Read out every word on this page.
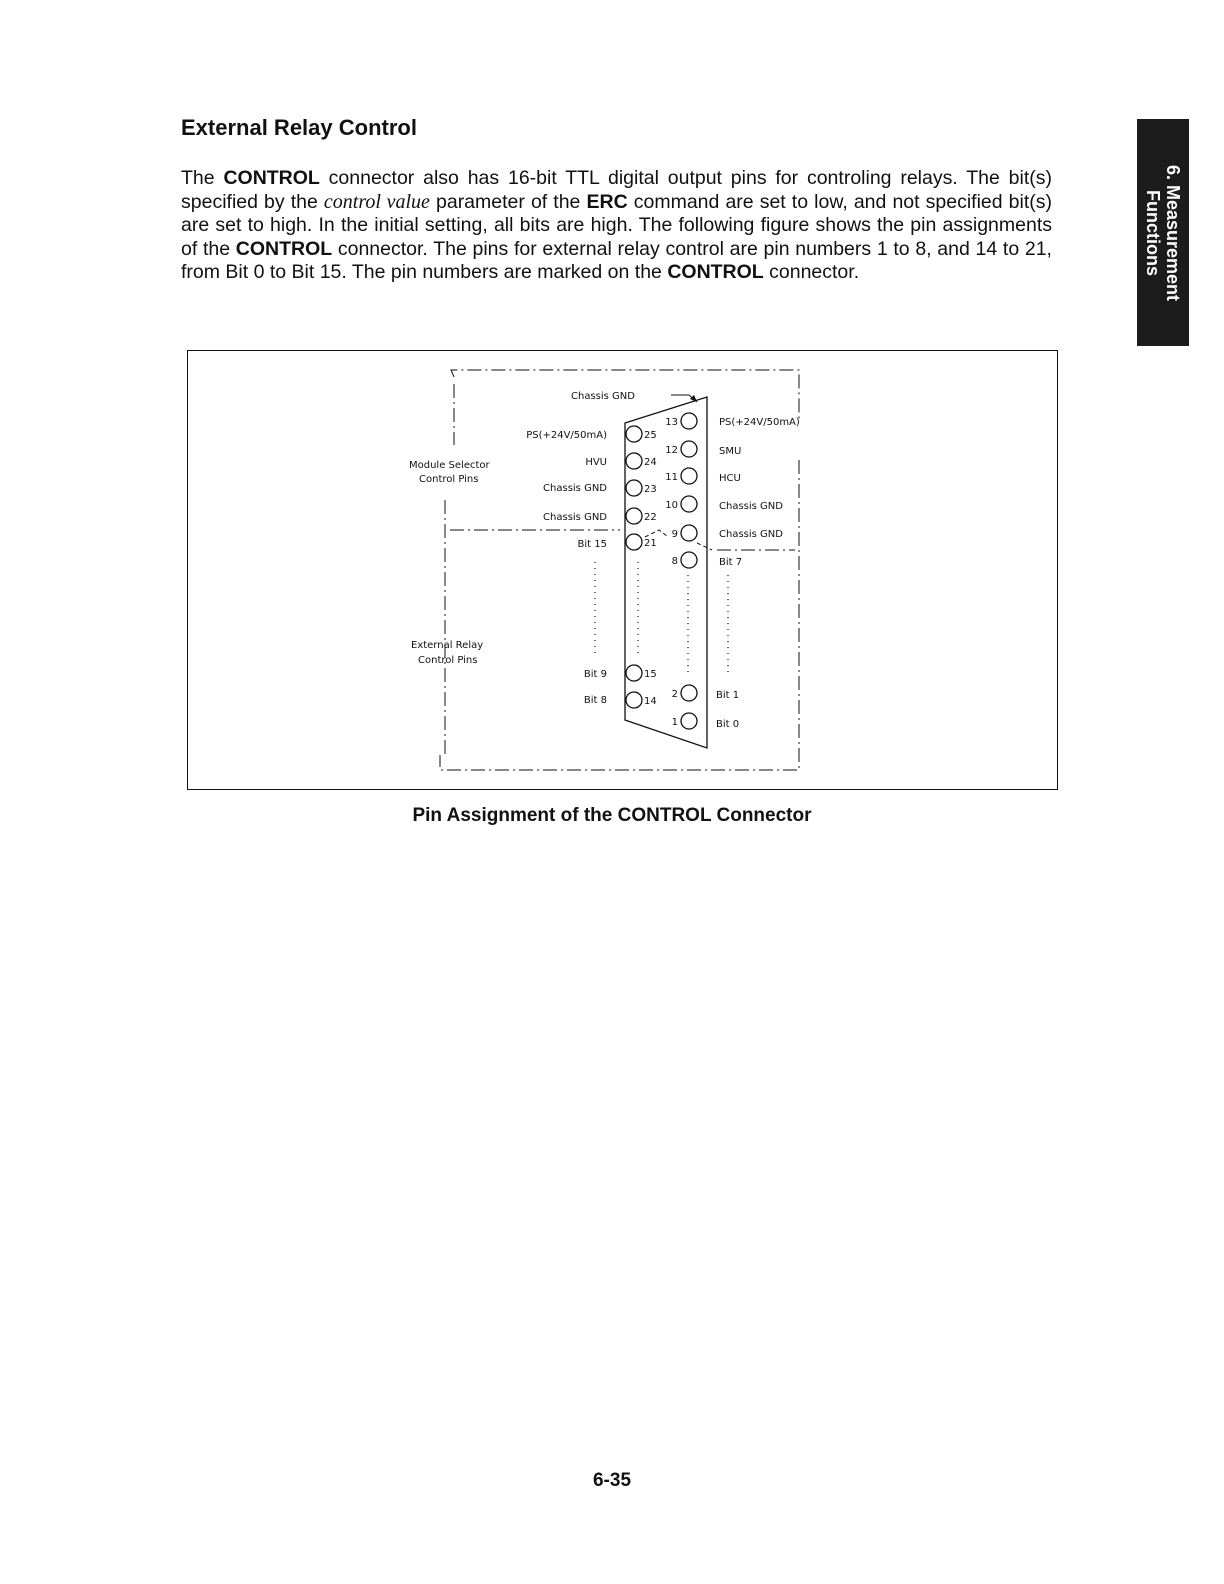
External Relay Control

The CONTROL connector also has 16-bit TTL digital output pins for controling relays. The bit(s) specified by the control value parameter of the ERC command are set to low, and not specified bit(s) are set to high. In the initial setting, all bits are high. The following figure shows the pin assignments of the CONTROL connector. The pins for external relay control are pin numbers 1 to 8, and 14 to 21, from Bit 0 to Bit 15. The pin numbers are marked on the CONTROL connector.	6. Measurement
Functions
Chassis GND
Module Selector
Control Pins
External Relay
Control Pins
25
PS(+24V/50mA)
24
HVU
23
Chassis GND
22
Chassis GND
21
Bit 15
15
Bit 9
14
Bit 8
13	PS(+24V/50mA)
12	SMU
11	HCU
10	Chassis GND
9	Chassis GND
8	Bit 7
2	Bit 1
1	Bit 0

Pin Assignment of the CONTROL Connector

6-35
